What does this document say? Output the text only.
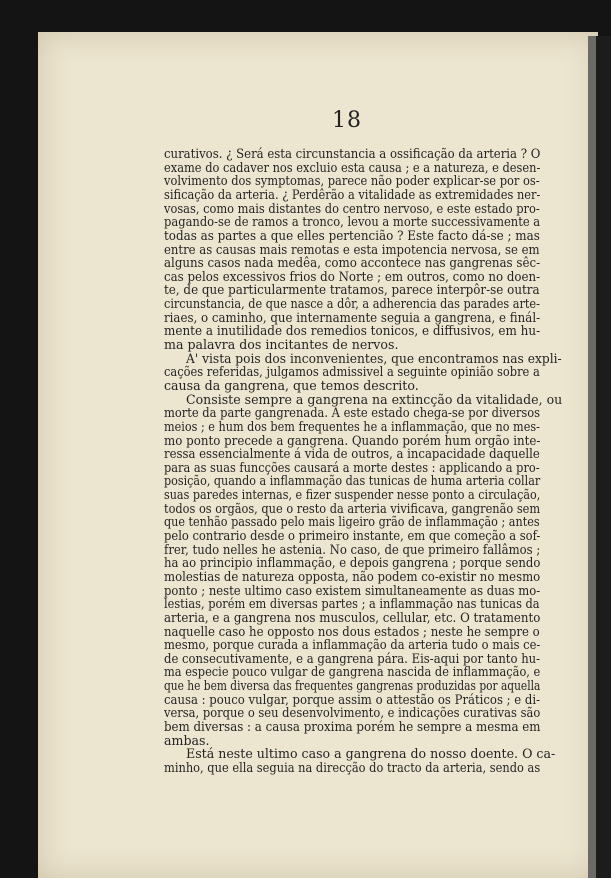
18
curativos. ¿ Será esta circunstancia a ossificação da arteria ? O
exame do cadaver nos excluio esta causa ; e a natureza, e desen-
volvimento dos symptomas, parece não poder explicar-se por os-
sificação da arteria. ¿ Perdêrão a vitalidade as extremidades ner-
vosas, como mais distantes do centro nervoso, e este estado pro-
pagando-se de ramos a tronco, levou a morte successivamente a
todas as partes a que elles pertencião ? Este facto dá-se ; mas
entre as causas mais remotas e esta impotencia nervosa, se em
alguns casos nada medêa, como accontece nas gangrenas sêc-
cas pelos excessivos frios do Norte ; em outros, como no doen-
te, de que particularmente tratamos, parece interpôr-se outra
circunstancia, de que nasce a dôr, a adherencia das parades arte-
riaes, o caminho, que internamente seguia a gangrena, e finál-
mente a inutilidade dos remedios tonicos, e diffusivos, em hu-
ma palavra dos incitantes de nervos.
A' vista pois dos inconvenientes, que encontramos nas expli-
cações referidas, julgamos admissivel a seguinte opinião sobre a
causa da gangrena, que temos descrito.
Consiste sempre a gangrena na extincção da vitalidade, ou
morte da parte gangrenada. A este estado chega-se por diversos
meios ; e hum dos bem frequentes he a inflammação, que no mes-
mo ponto precede a gangrena. Quando porém hum orgão inte-
ressa essencialmente á vida de outros, a incapacidade daquelle
para as suas funcções causará a morte destes : applicando a pro-
posição, quando a inflammação das tunicas de huma arteria collar
suas paredes internas, e fizer suspender nesse ponto a circulação,
todos os orgãos, que o resto da arteria vivificava, gangrenão sem
que tenhão passado pelo mais ligeiro grão de inflammação ; antes
pelo contrario desde o primeiro instante, em que começão a sof-
frer, tudo nelles he astenia. No caso, de que primeiro fallâmos ;
ha ao principio inflammação, e depois gangrena ; porque sendo
molestias de natureza opposta, não podem co-existir no mesmo
ponto ; neste ultimo caso existem simultaneamente as duas mo-
lestias, porém em diversas partes ; a inflammação nas tunicas da
arteria, e a gangrena nos musculos, cellular, etc. O tratamento
naquelle caso he opposto nos dous estados ; neste he sempre o
mesmo, porque curada a inflammação da arteria tudo o mais ce-
de consecutivamente, e a gangrena pára. Eis-aqui por tanto hu-
ma especie pouco vulgar de gangrena nascida de inflammação, e
que he bem diversa das frequentes gangrenas produzidas por aquella
causa : pouco vulgar, porque assim o attestão os Práticos ; e di-
versa, porque o seu desenvolvimento, e indicações curativas são
bem diversas : a causa proxima porém he sempre a mesma em
ambas.
Está neste ultimo caso a gangrena do nosso doente. O ca-
minho, que ella seguia na direcção do tracto da arteria, sendo as
